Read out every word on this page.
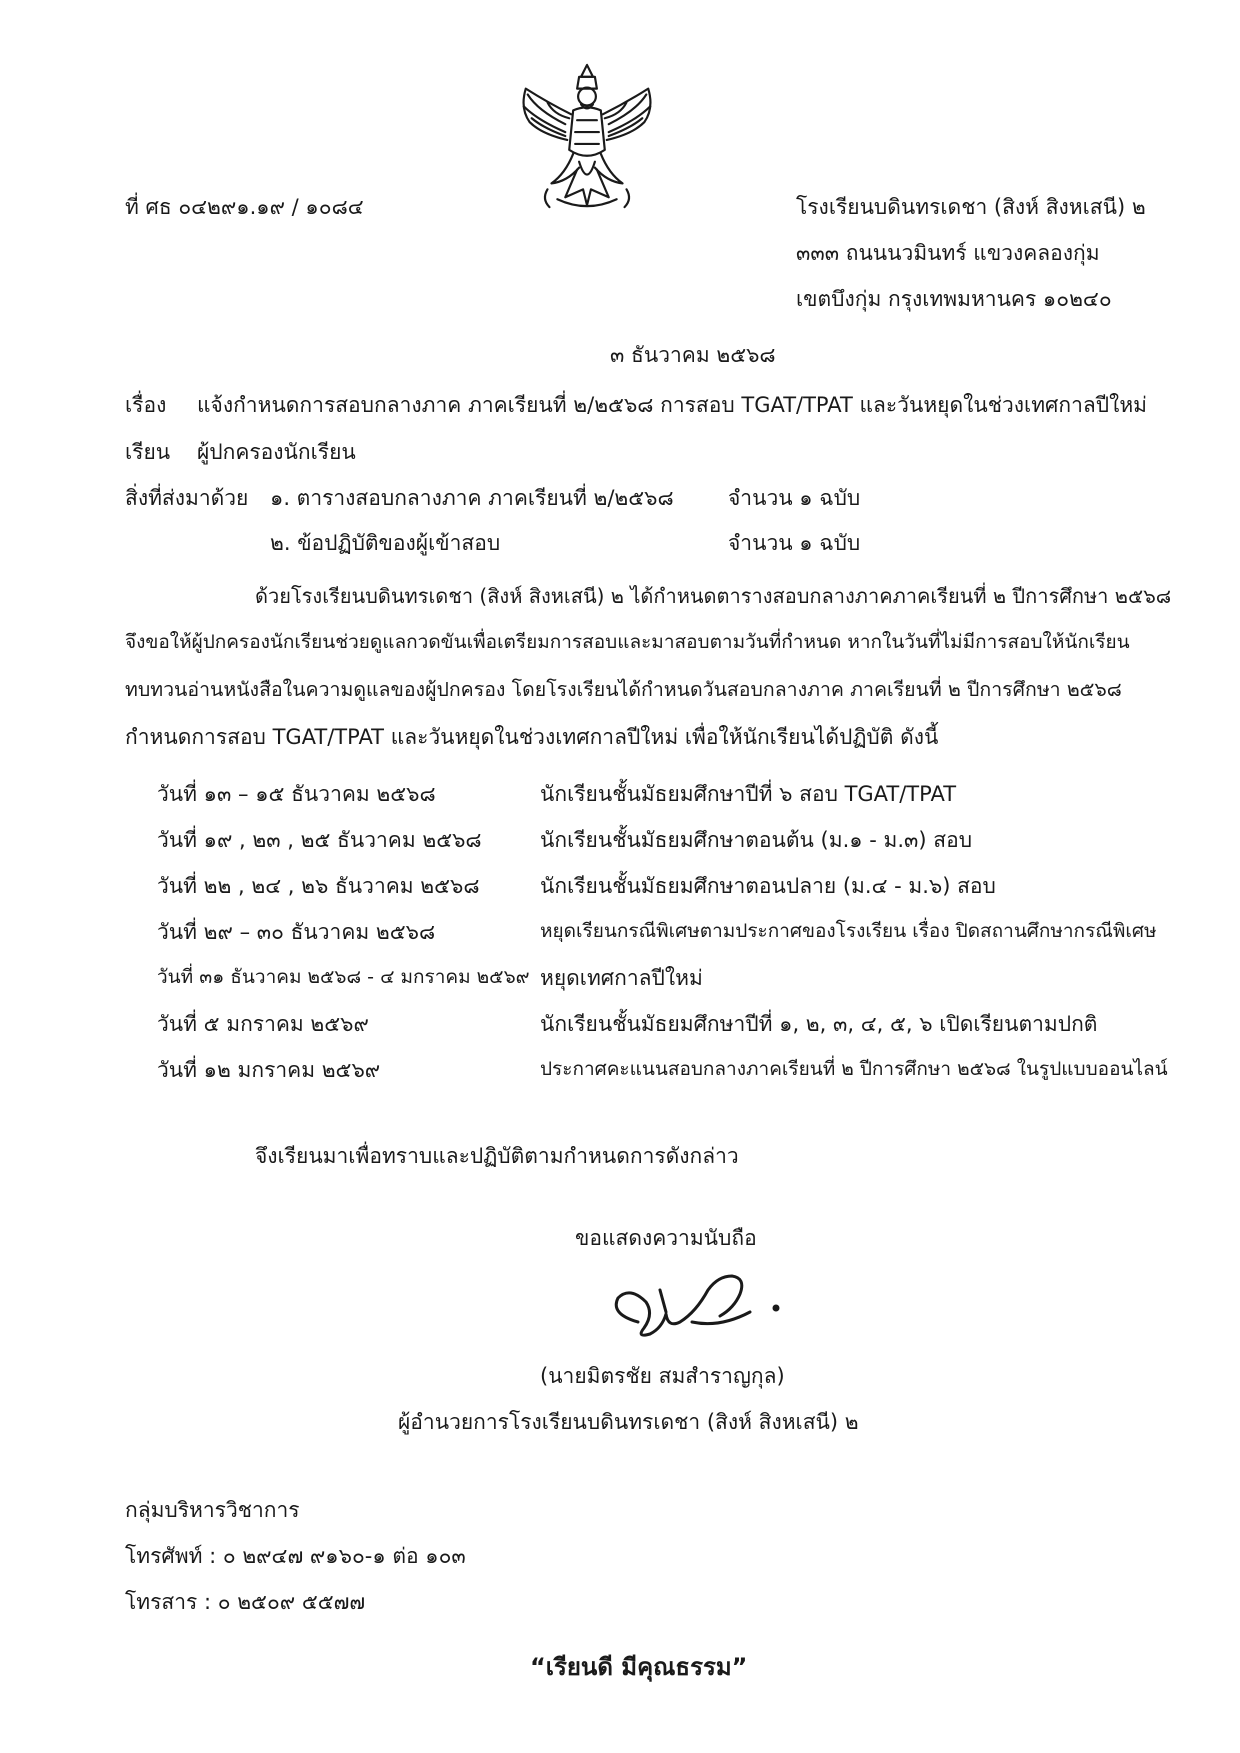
ที่ ศธ ๐๔๒๙๑.๑๙ / ๑๐๘๔	โรงเรียนบดินทรเดชา (สิงห์ สิงหเสนี) ๒
๓๓๓ ถนนนวมินทร์ แขวงคลองกุ่ม
เขตบึงกุ่ม กรุงเทพมหานคร ๑๐๒๔๐
๓ ธันวาคม ๒๕๖๘
เรื่อง แจ้งกำหนดการสอบกลางภาค ภาคเรียนที่ ๒/๒๕๖๘ การสอบ TGAT/TPAT และวันหยุดในช่วงเทศกาลปีใหม่
เรียน ผู้ปกครองนักเรียน
สิ่งที่ส่งมาด้วย ๑. ตารางสอบกลางภาค ภาคเรียนที่ ๒/๒๕๖๘	จำนวน ๑ ฉบับ
๒. ข้อปฏิบัติของผู้เข้าสอบ	จำนวน ๑ ฉบับ
ด้วยโรงเรียนบดินทรเดชา (สิงห์ สิงหเสนี) ๒ ได้กำหนดตารางสอบกลางภาคภาคเรียนที่ ๒ ปีการศึกษา ๒๕๖๘
จึงขอให้ผู้ปกครองนักเรียนช่วยดูแลกวดขันเพื่อเตรียมการสอบและมาสอบตามวันที่กำหนด หากในวันที่ไม่มีการสอบให้นักเรียน
ทบทวนอ่านหนังสือในความดูแลของผู้ปกครอง โดยโรงเรียนได้กำหนดวันสอบกลางภาค ภาคเรียนที่ ๒ ปีการศึกษา ๒๕๖๘
กำหนดการสอบ TGAT/TPAT และวันหยุดในช่วงเทศกาลปีใหม่ เพื่อให้นักเรียนได้ปฏิบัติ ดังนี้
วันที่ ๑๓ – ๑๕ ธันวาคม ๒๕๖๘	นักเรียนชั้นมัธยมศึกษาปีที่ ๖ สอบ TGAT/TPAT
วันที่ ๑๙ , ๒๓ , ๒๕ ธันวาคม ๒๕๖๘	นักเรียนชั้นมัธยมศึกษาตอนต้น (ม.๑ - ม.๓) สอบ
วันที่ ๒๒ , ๒๔ , ๒๖ ธันวาคม ๒๕๖๘	นักเรียนชั้นมัธยมศึกษาตอนปลาย (ม.๔ - ม.๖) สอบ
วันที่ ๒๙ – ๓๐ ธันวาคม ๒๕๖๘	หยุดเรียนกรณีพิเศษตามประกาศของโรงเรียน เรื่อง ปิดสถานศึกษากรณีพิเศษ
วันที่ ๓๑ ธันวาคม ๒๕๖๘ - ๔ มกราคม ๒๕๖๙ หยุดเทศกาลปีใหม่
วันที่ ๕ มกราคม ๒๕๖๙	นักเรียนชั้นมัธยมศึกษาปีที่ ๑, ๒, ๓, ๔, ๕, ๖ เปิดเรียนตามปกติ
วันที่ ๑๒ มกราคม ๒๕๖๙	ประกาศคะแนนสอบกลางภาคเรียนที่ ๒ ปีการศึกษา ๒๕๖๘ ในรูปแบบออนไลน์
จึงเรียนมาเพื่อทราบและปฏิบัติตามกำหนดการดังกล่าว
ขอแสดงความนับถือ
(นายมิตรชัย สมสำราญกุล)
ผู้อำนวยการโรงเรียนบดินทรเดชา (สิงห์ สิงหเสนี) ๒
กลุ่มบริหารวิชาการ
โทรศัพท์ : ๐ ๒๙๔๗ ๙๑๖๐-๑ ต่อ ๑๐๓
โทรสาร : ๐ ๒๕๐๙ ๕๕๗๗
“เรียนดี มีคุณธรรม”
